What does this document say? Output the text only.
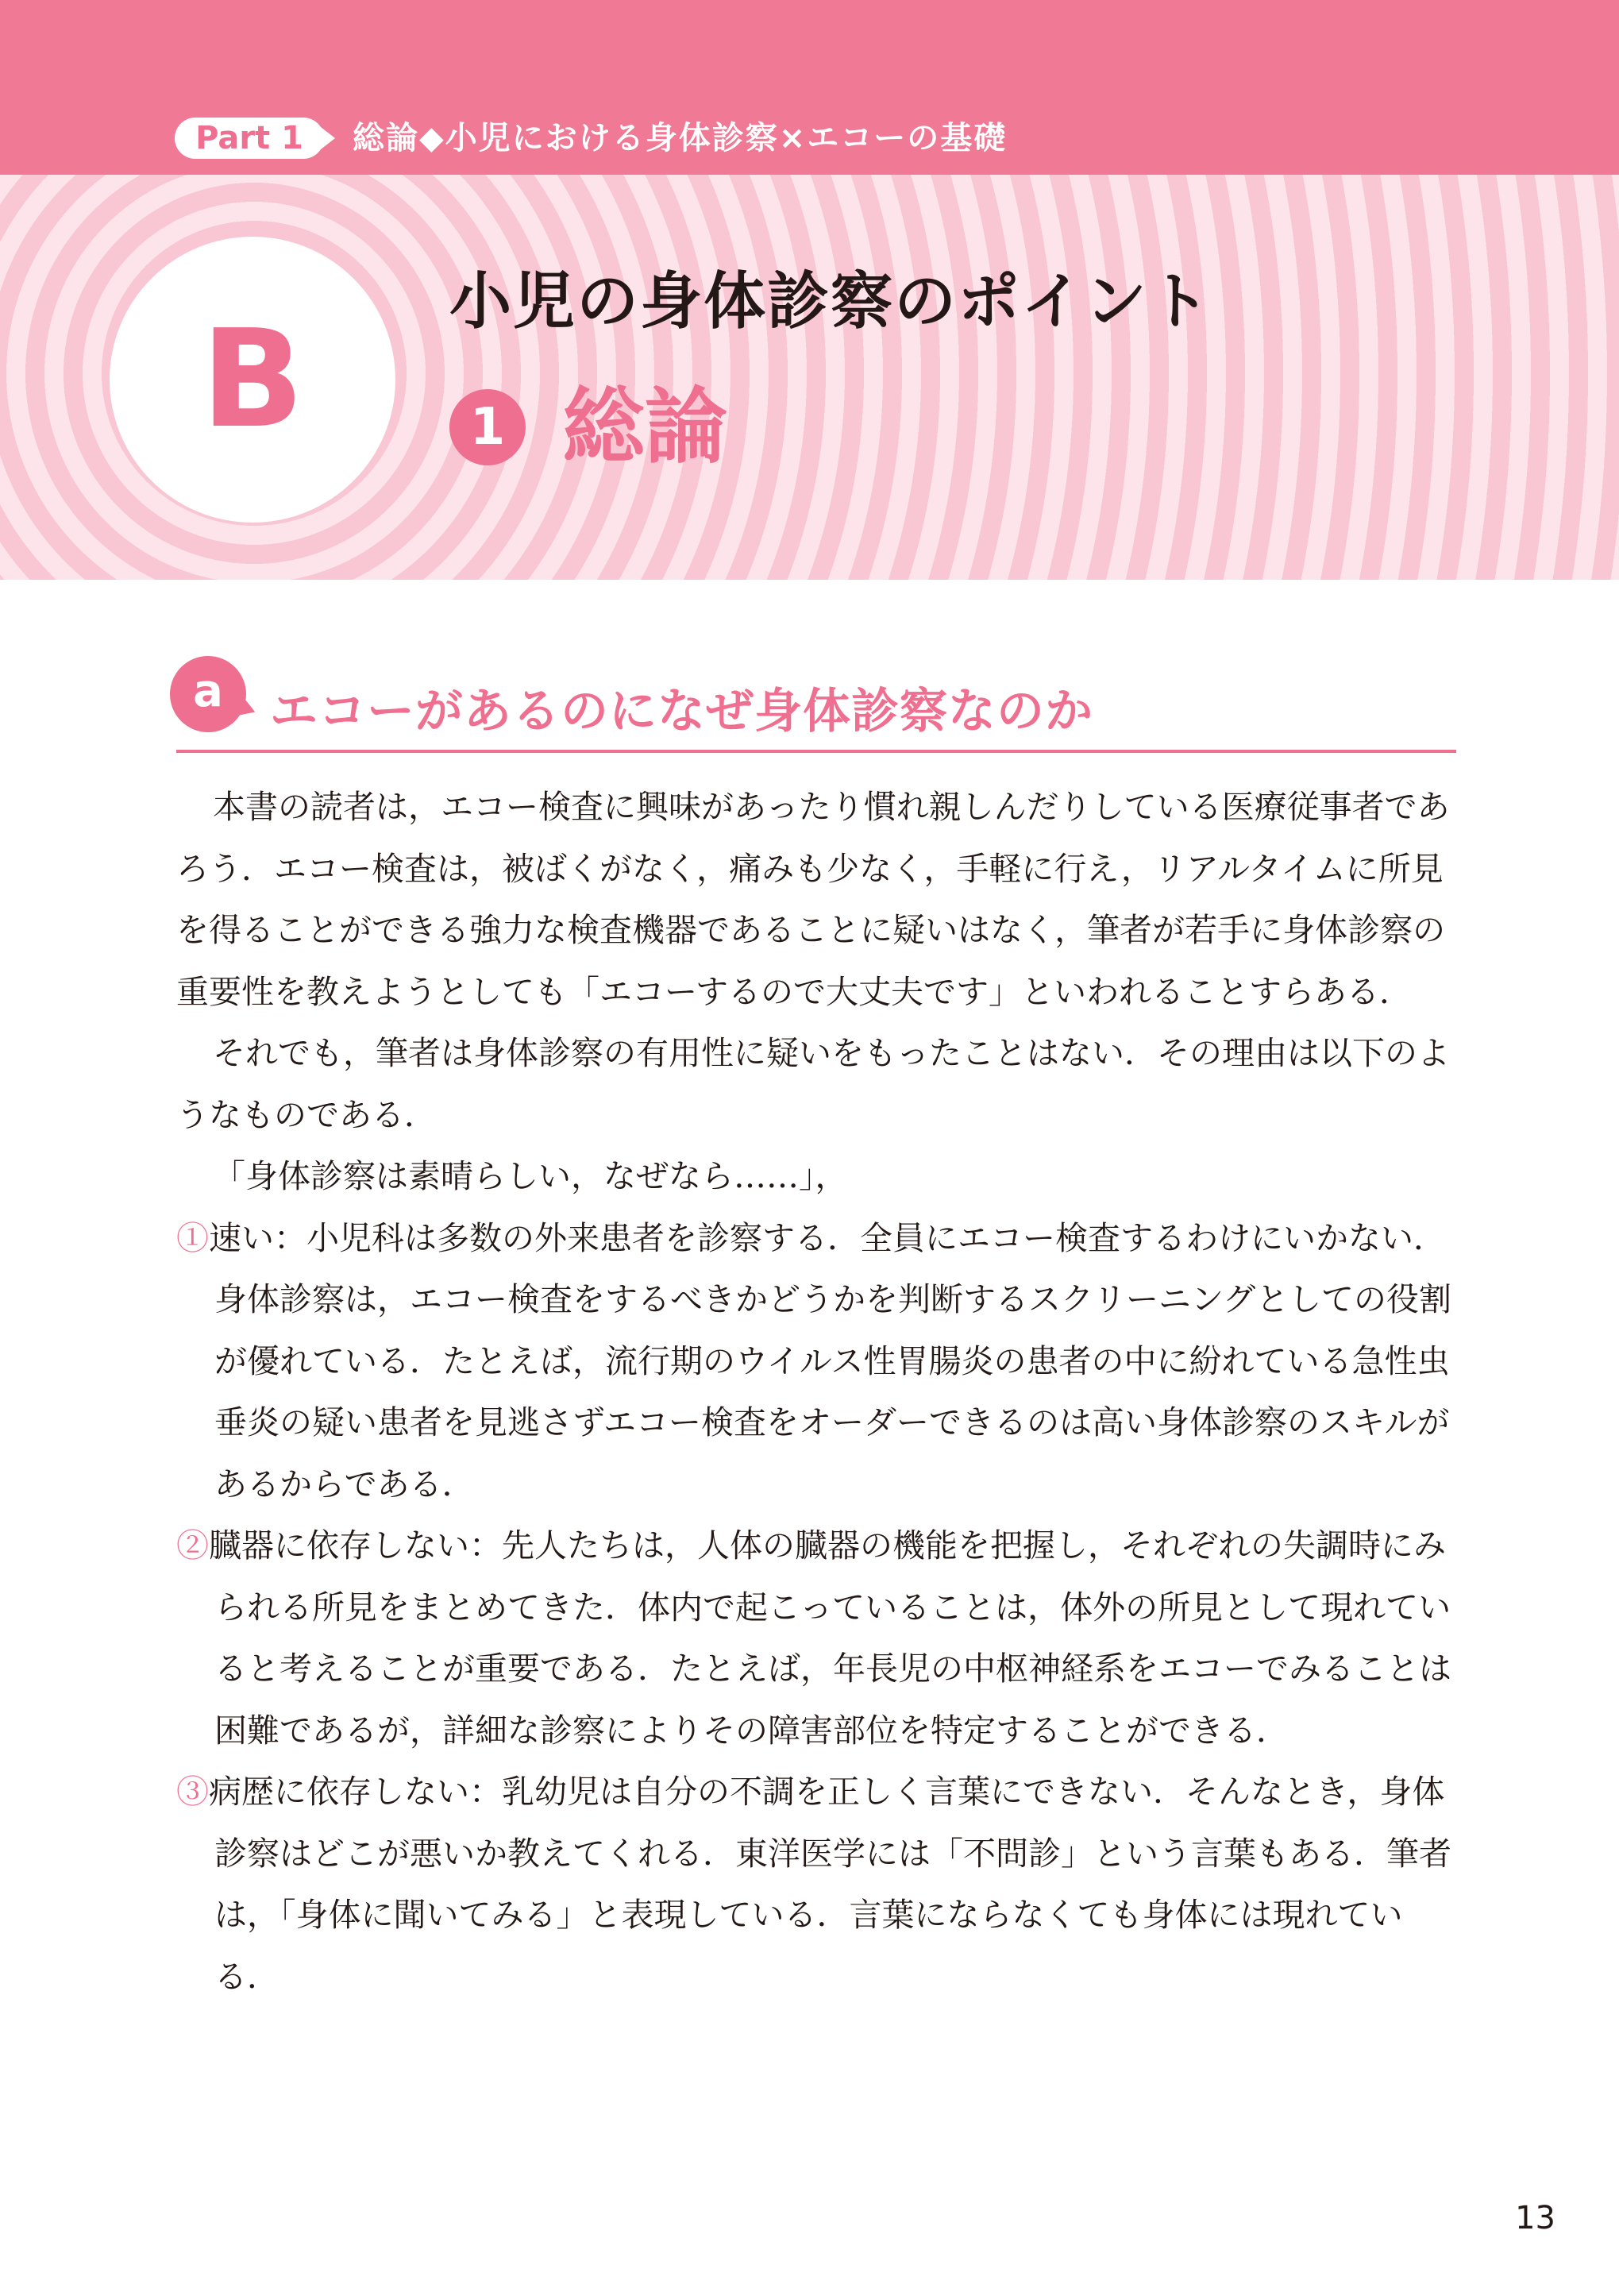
Part 1	総論◆小児における身体診察×エコーの基礎
B	小児の身体診察のポイント
1 総論
a エコーがあるのになぜ身体診察なのか

本書の読者は，エコー検査に興味があったり慣れ親しんだりしている医療従事者であろう．エコー検査は，被ばくがなく，痛みも少なく，手軽に行え，リアルタイムに所見を得ることができる強力な検査機器であることに疑いはなく，筆者が若手に身体診察の重要性を教えようとしても「エコーするので大丈夫です」といわれることすらある．

それでも，筆者は身体診察の有用性に疑いをもったことはない．その理由は以下のようなものである．

「身体診察は素晴らしい，なぜなら……」，

①速い：小児科は多数の外来患者を診察する．全員にエコー検査するわけにいかない．身体診察は，エコー検査をするべきかどうかを判断するスクリーニングとしての役割が優れている．たとえば，流行期のウイルス性胃腸炎の患者の中に紛れている急性虫垂炎の疑い患者を見逃さずエコー検査をオーダーできるのは高い身体診察のスキルがあるからである．

②臓器に依存しない：先人たちは，人体の臓器の機能を把握し，それぞれの失調時にみられる所見をまとめてきた．体内で起こっていることは，体外の所見として現れていると考えることが重要である．たとえば，年長児の中枢神経系をエコーでみることは困難であるが，詳細な診察によりその障害部位を特定することができる．

③病歴に依存しない：乳幼児は自分の不調を正しく言葉にできない．そんなとき，身体診察はどこが悪いか教えてくれる．東洋医学には「不問診」という言葉もある．筆者は，「身体に聞いてみる」と表現している．言葉にならなくても身体には現れている．

13
